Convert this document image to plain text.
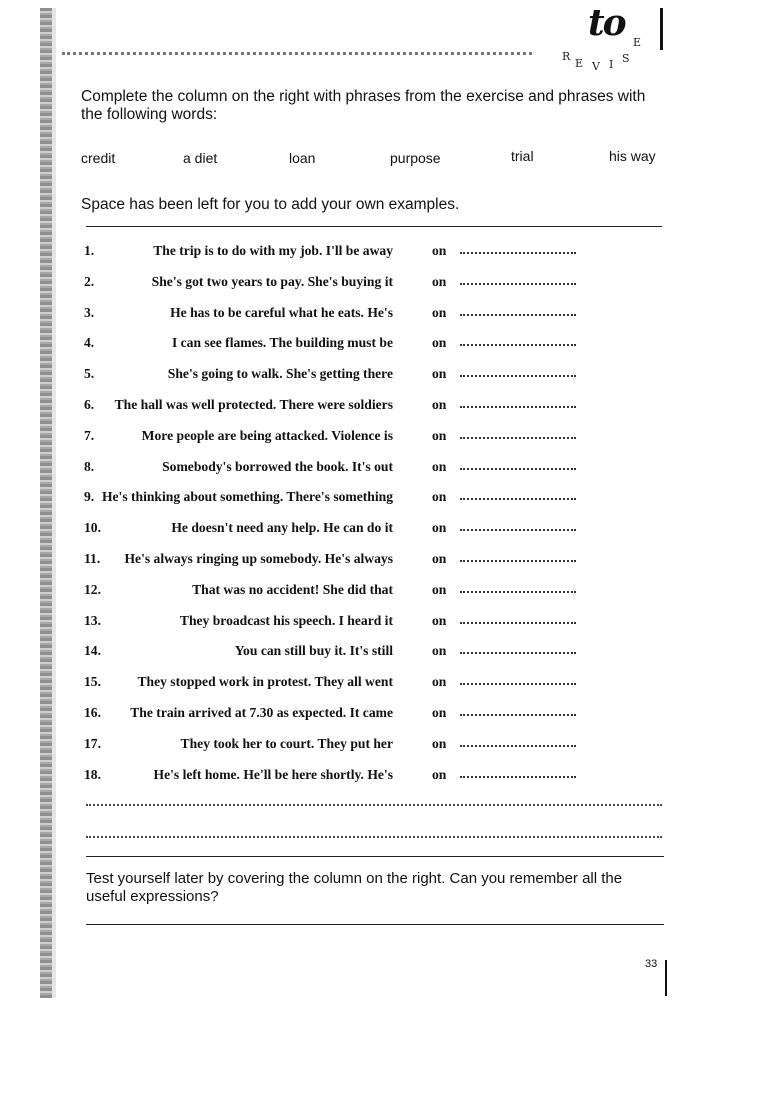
to
R
E V I S
E
Complete the column on the right with phrases from the exercise and phrases with the following words:
credit	a diet	loan	purpose	trial	his way
Space has been left for you to add your own examples.
1.	The trip is to do with my job. I'll be away	on
2.	She's got two years to pay. She's buying it	on
3.	He has to be careful what he eats. He's	on
4.	I can see flames. The building must be	on
5.	She's going to walk. She's getting there	on
6. The hall was well protected. There were soldiers	on
7.	More people are being attacked. Violence is	on
8.	Somebody's borrowed the book. It's out	on
9. He's thinking about something. There's something	on
10.	He doesn't need any help. He can do it	on
11. He's always ringing up somebody. He's always	on
12.	That was no accident! She did that	on
13.	They broadcast his speech. I heard it	on
14.	You can still buy it. It's still	on
15.	They stopped work in protest. They all went	on
16. The train arrived at 7.30 as expected. It came	on
17.	They took her to court. They put her	on
18.	He's left home. He'll be here shortly. He's	on
Test yourself later by covering the column on the right. Can you remember all the useful expressions?
33
